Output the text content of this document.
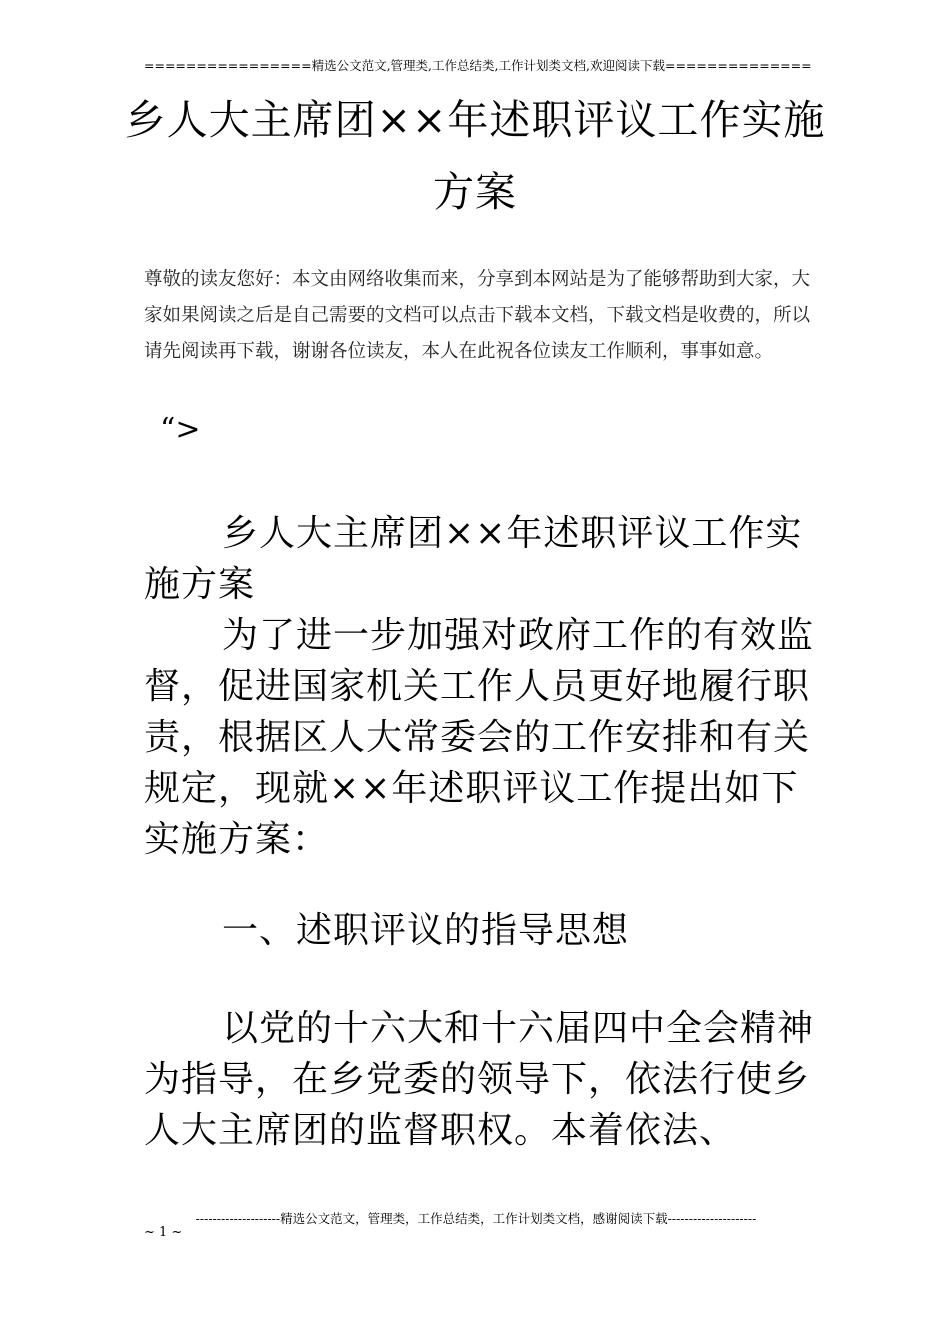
================精选公文范文,管理类,工作总结类,工作计划类文档,欢迎阅读下载==============
乡人大主席团××年述职评议工作实施方案

尊敬的读友您好：本文由网络收集而来，分享到本网站是为了能够帮助到大家，大家如果阅读之后是自己需要的文档可以点击下载本文档，下载文档是收费的，所以请先阅读再下载，谢谢各位读友，本人在此祝各位读友工作顺利，事事如意。

“>

乡人大主席团××年述职评议工作实施方案

为了进一步加强对政府工作的有效监督，促进国家机关工作人员更好地履行职责，根据区人大常委会的工作安排和有关规定，现就××年述职评议工作提出如下实施方案：

一、述职评议的指导思想

以党的十六大和十六届四中全会精神为指导，在乡党委的领导下，依法行使乡人大主席团的监督职权。本着依法、

--------------------精选公文范文，管理类，工作总结类，工作计划类文档，感谢阅读下载---------------------
~ 1 ~
